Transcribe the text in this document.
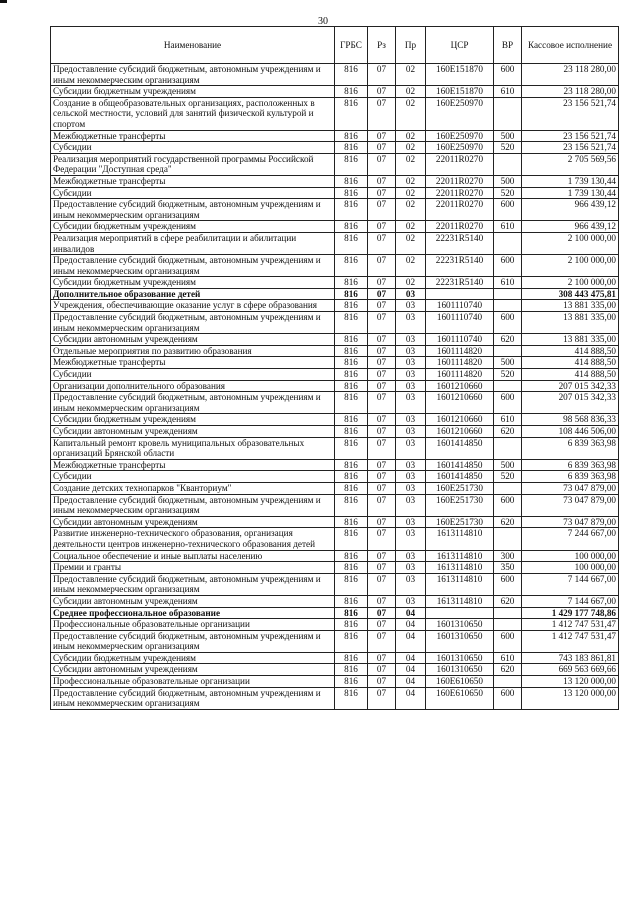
30
Наименование	ГРБС	Рз	Пр	ЦСР	ВР	Кассовое исполнение
Предоставление субсидий бюджетным, автономным учреждениям и иным некоммерческим организациям	816	07	02	160E151870	600	23 118 280,00
Субсидии бюджетным учреждениям	816	07	02	160E151870	610	23 118 280,00
Создание в общеобразовательных организациях, расположенных в сельской местности, условий для занятий физической культурой и спортом	816	07	02	160E250970		23 156 521,74
Межбюджетные трансферты	816	07	02	160E250970	500	23 156 521,74
Субсидии	816	07	02	160E250970	520	23 156 521,74
Реализация мероприятий государственной программы Российской Федерации "Доступная среда"	816	07	02	22011R0270		2 705 569,56
Межбюджетные трансферты	816	07	02	22011R0270	500	1 739 130,44
Субсидии	816	07	02	22011R0270	520	1 739 130,44
Предоставление субсидий бюджетным, автономным учреждениям и иным некоммерческим организациям	816	07	02	22011R0270	600	966 439,12
Субсидии бюджетным учреждениям	816	07	02	22011R0270	610	966 439,12
Реализация мероприятий в сфере реабилитации и абилитации инвалидов	816	07	02	22231R5140		2 100 000,00
Предоставление субсидий бюджетным, автономным учреждениям и иным некоммерческим организациям	816	07	02	22231R5140	600	2 100 000,00
Субсидии бюджетным учреждениям	816	07	02	22231R5140	610	2 100 000,00
Дополнительное образование детей	816	07	03			308 443 475,81
Учреждения, обеспечивающие оказание услуг в сфере образования	816	07	03	1601110740		13 881 335,00
Предоставление субсидий бюджетным, автономным учреждениям и иным некоммерческим организациям	816	07	03	1601110740	600	13 881 335,00
Субсидии автономным учреждениям	816	07	03	1601110740	620	13 881 335,00
Отдельные мероприятия по развитию образования	816	07	03	1601114820		414 888,50
Межбюджетные трансферты	816	07	03	1601114820	500	414 888,50
Субсидии	816	07	03	1601114820	520	414 888,50
Организации дополнительного образования	816	07	03	1601210660		207 015 342,33
Предоставление субсидий бюджетным, автономным учреждениям и иным некоммерческим организациям	816	07	03	1601210660	600	207 015 342,33
Субсидии бюджетным учреждениям	816	07	03	1601210660	610	98 568 836,33
Субсидии автономным учреждениям	816	07	03	1601210660	620	108 446 506,00
Капитальный ремонт кровель муниципальных образовательных организаций Брянской области	816	07	03	1601414850		6 839 363,98
Межбюджетные трансферты	816	07	03	1601414850	500	6 839 363,98
Субсидии	816	07	03	1601414850	520	6 839 363,98
Создание детских технопарков "Кванториум"	816	07	03	160E251730		73 047 879,00
Предоставление субсидий бюджетным, автономным учреждениям и иным некоммерческим организациям	816	07	03	160E251730	600	73 047 879,00
Субсидии автономным учреждениям	816	07	03	160E251730	620	73 047 879,00
Развитие инженерно-технического образования, организация деятельности центров инженерно-технического образования детей	816	07	03	1613114810		7 244 667,00
Социальное обеспечение и иные выплаты населению	816	07	03	1613114810	300	100 000,00
Премии и гранты	816	07	03	1613114810	350	100 000,00
Предоставление субсидий бюджетным, автономным учреждениям и иным некоммерческим организациям	816	07	03	1613114810	600	7 144 667,00
Субсидии автономным учреждениям	816	07	03	1613114810	620	7 144 667,00
Среднее профессиональное образование	816	07	04			1 429 177 748,86
Профессиональные образовательные организации	816	07	04	1601310650		1 412 747 531,47
Предоставление субсидий бюджетным, автономным учреждениям и иным некоммерческим организациям	816	07	04	1601310650	600	1 412 747 531,47
Субсидии бюджетным учреждениям	816	07	04	1601310650	610	743 183 861,81
Субсидии автономным учреждениям	816	07	04	1601310650	620	669 563 669,66
Профессиональные образовательные организации	816	07	04	160E610650		13 120 000,00
Предоставление субсидий бюджетным, автономным учреждениям и иным некоммерческим организациям	816	07	04	160E610650	600	13 120 000,00
